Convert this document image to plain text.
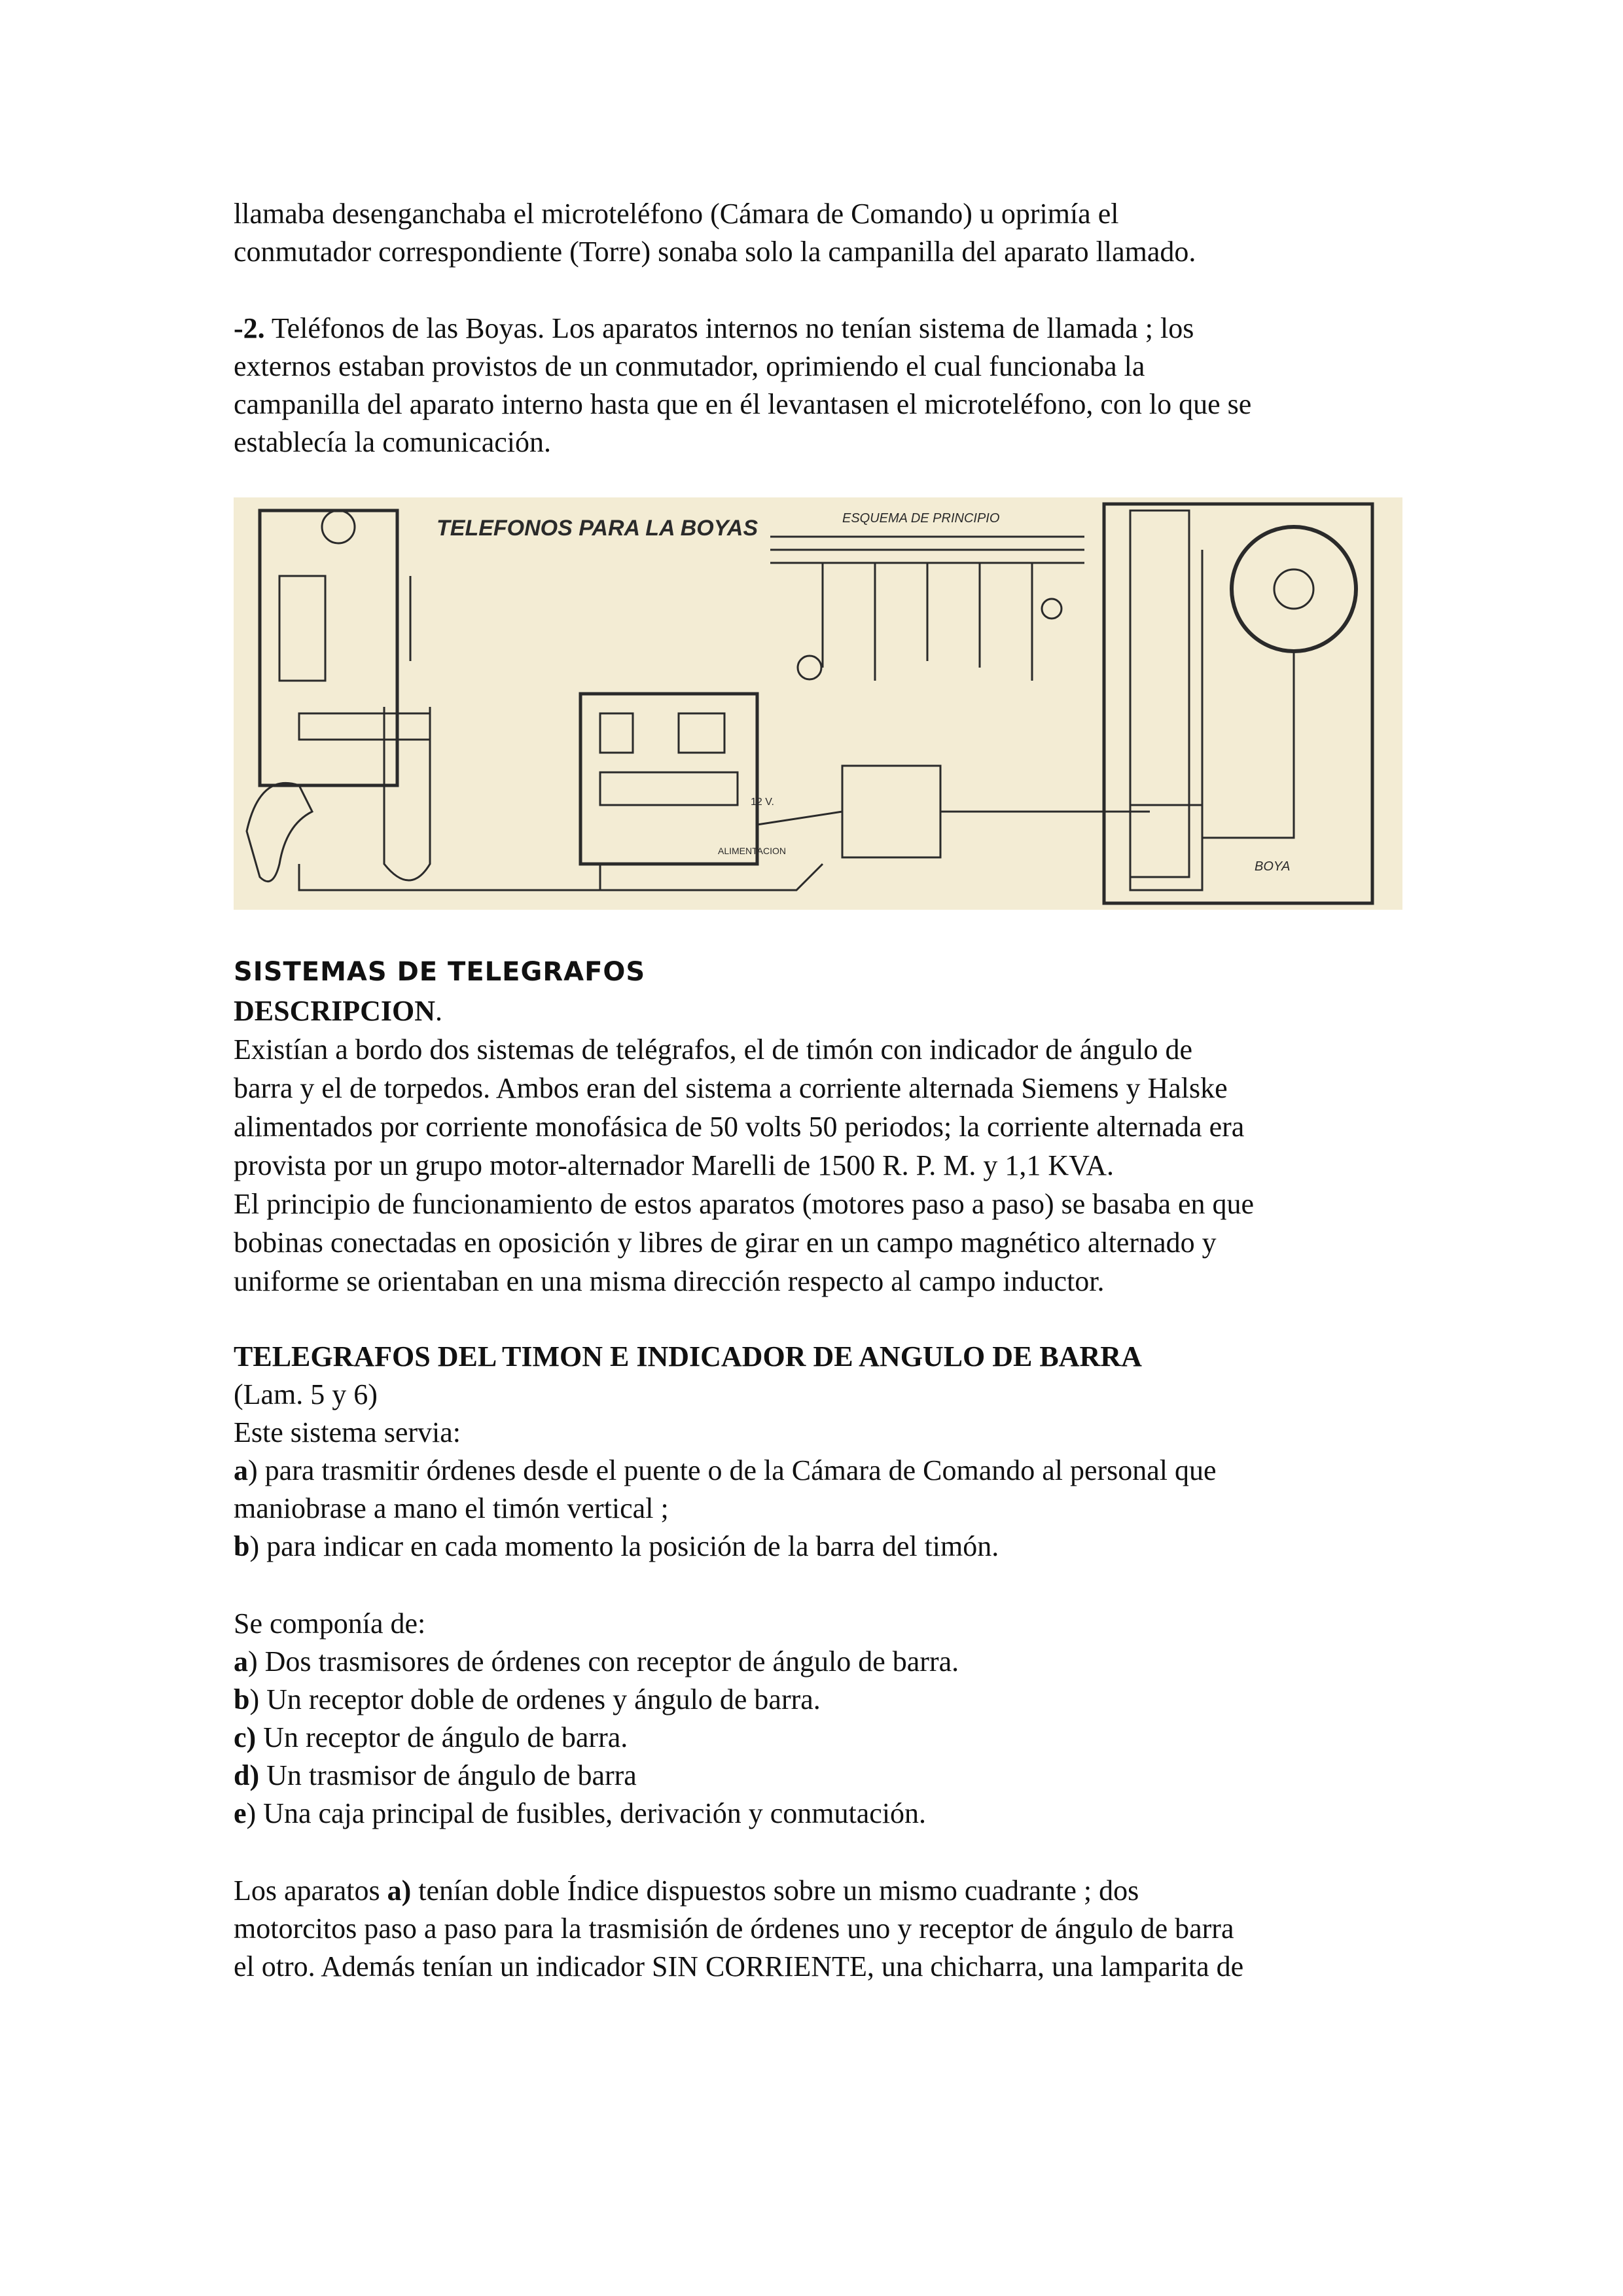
llamaba desenganchaba el microteléfono (Cámara de Comando) u oprimía el

conmutador correspondiente (Torre) sonaba solo la campanilla del aparato llamado.

-2. Teléfonos de las Boyas. Los aparatos internos no tenían sistema de llamada ; los

externos estaban provistos de un conmutador, oprimiendo el cual funcionaba la

campanilla del aparato interno hasta que en él levantasen el microteléfono, con lo que se

establecía la comunicación.

TELEFONOS PARA LA BOYAS	ESQUEMA DE PRINCIPIO
BOYA
12 V.
ALIMENTACION
SISTEMAS DE TELEGRAFOS

DESCRIPCION.

Existían a bordo dos sistemas de telégrafos, el de timón con indicador de ángulo de

barra y el de torpedos. Ambos eran del sistema a corriente alternada Siemens y Halske

alimentados por corriente monofásica de 50 volts 50 periodos; la corriente alternada era

provista por un grupo motor-alternador Marelli de 1500 R. P. M. y 1,1 KVA.

El principio de funcionamiento de estos aparatos (motores paso a paso) se basaba en que

bobinas conectadas en oposición y libres de girar en un campo magnético alternado y

uniforme se orientaban en una misma dirección respecto al campo inductor.

TELEGRAFOS DEL TIMON E INDICADOR DE ANGULO DE BARRA

(Lam. 5 y 6)

Este sistema servia:

a) para trasmitir órdenes desde el puente o de la Cámara de Comando al personal que

maniobrase a mano el timón vertical ;

b) para indicar en cada momento la posición de la barra del timón.

Se componía de:

a) Dos trasmisores de órdenes con receptor de ángulo de barra.

b) Un receptor doble de ordenes y ángulo de barra.

c) Un receptor de ángulo de barra.

d) Un trasmisor de ángulo de barra

e) Una caja principal de fusibles, derivación y conmutación.

Los aparatos a) tenían doble Índice dispuestos sobre un mismo cuadrante ; dos

motorcitos paso a paso para la trasmisión de órdenes uno y receptor de ángulo de barra

el otro. Además tenían un indicador SIN CORRIENTE, una chicharra, una lamparita de
